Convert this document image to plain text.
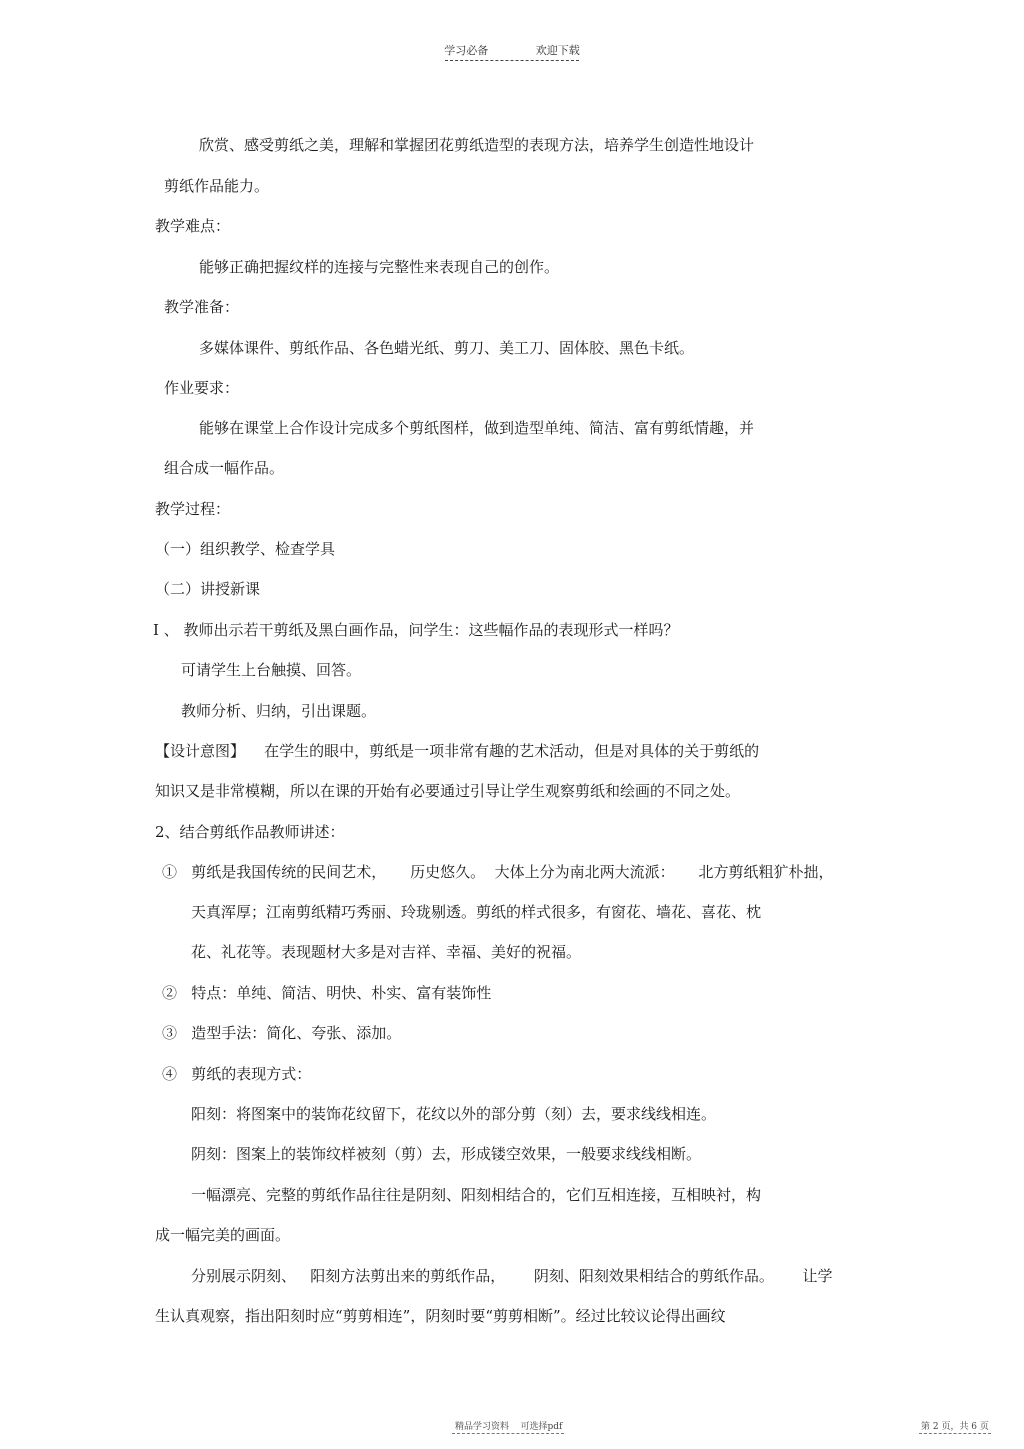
学习必备	欢迎下载
欣赏、感受剪纸之美，理解和掌握团花剪纸造型的表现方法，培养学生创造性地设计
剪纸作品能力。
教学难点：
能够正确把握纹样的连接与完整性来表现自己的创作。
教学准备：
多媒体课件、剪纸作品、各色蜡光纸、剪刀、美工刀、固体胶、黑色卡纸。
作业要求：
能够在课堂上合作设计完成多个剪纸图样，做到造型单纯、简洁、富有剪纸情趣，并
组合成一幅作品。
教学过程：
（一）组织教学、检查学具
（二）讲授新课
I 、 教师出示若干剪纸及黑白画作品，问学生：这些幅作品的表现形式一样吗？
可请学生上台触摸、回答。
教师分析、归纳，引出课题。
【设计意图】    在学生的眼中，剪纸是一项非常有趣的艺术活动，但是对具体的关于剪纸的
知识又是非常模糊，所以在课的开始有必要通过引导让学生观察剪纸和绘画的不同之处。
2、结合剪纸作品教师讲述：
①   剪纸是我国传统的民间艺术，     历史悠久。  大体上分为南北两大流派：     北方剪纸粗犷朴拙，
天真浑厚；江南剪纸精巧秀丽、玲珑剔透。剪纸的样式很多，有窗花、墙花、喜花、枕
花、礼花等。表现题材大多是对吉祥、幸福、美好的祝福。
②   特点：单纯、简洁、明快、朴实、富有装饰性
③   造型手法：简化、夸张、添加。
④   剪纸的表现方式：
阳刻：将图案中的装饰花纹留下，花纹以外的部分剪（刻）去，要求线线相连。
阴刻：图案上的装饰纹样被刻（剪）去，形成镂空效果，一般要求线线相断。
一幅漂亮、完整的剪纸作品往往是阴刻、阳刻相结合的，它们互相连接，互相映衬，构
成一幅完美的画面。
分别展示阴刻、   阳刻方法剪出来的剪纸作品，      阴刻、阳刻效果相结合的剪纸作品。      让学
生认真观察，指出阳刻时应“剪剪相连”，阴刻时要“剪剪相断”。经过比较议论得出画纹
精品学习资料    可选择pdf	第 2 页，共 6 页
